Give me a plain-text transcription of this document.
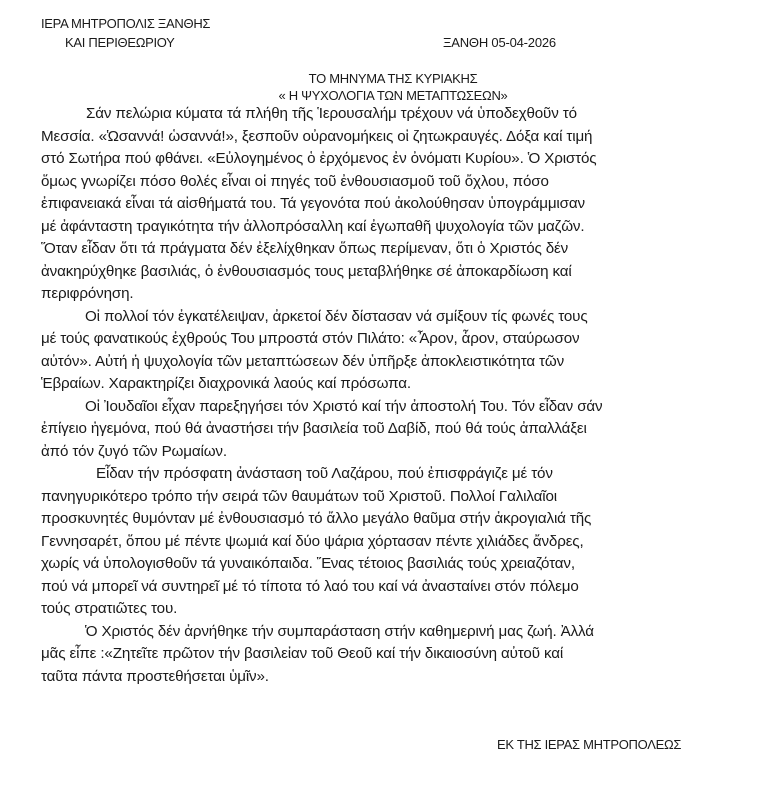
ΙΕΡΑ ΜΗΤΡΟΠΟΛΙΣ ΞΑΝΘΗΣ
ΚΑΙ ΠΕΡΙΘΕΩΡΙΟΥ	ΞΑΝΘΗ 05-04-2026
ΤΟ ΜΗΝΥΜΑ ΤΗΣ ΚΥΡΙΑΚΗΣ
« Η ΨΥΧΟΛΟΓΙΑ ΤΩΝ ΜΕΤΑΠΤΩΣΕΩΝ»
Σάν πελώρια κύματα τά πλήθη τῆς Ἱερουσαλήμ τρέχουν νά ὑποδεχθοῦν τό
Μεσσία. «Ὡσαννά! ὡσαννά!», ξεσποῦν οὐρανομήκεις οἱ ζητωκραυγές. Δόξα καί τιμή
στό Σωτήρα πού φθάνει. «Εὐλογημένος ὁ ἐρχόμενος ἐν ὀνόματι Κυρίου». Ὁ Χριστός
ὅμως γνωρίζει πόσο θολές εἶναι οἱ πηγές τοῦ ἐνθουσιασμοῦ τοῦ ὄχλου, πόσο
ἐπιφανειακά εἶναι τά αἰσθήματά του. Τά γεγονότα πού ἀκολούθησαν ὑπογράμμισαν
μέ ἀφάνταστη τραγικότητα τήν ἀλλοπρόσαλλη καί ἐγωπαθῆ ψυχολογία τῶν μαζῶν.
Ὅταν εἶδαν ὅτι τά πράγματα δέν ἐξελίχθηκαν ὅπως περίμεναν, ὅτι ὁ Χριστός δέν
ἀνακηρύχθηκε βασιλιάς, ὁ ἐνθουσιασμός τους μεταβλήθηκε σέ ἀποκαρδίωση καί
περιφρόνηση.
Οἱ πολλοί τόν ἐγκατέλειψαν, ἀρκετοί δέν δίστασαν νά σμίξουν τίς φωνές τους
μέ τούς φανατικούς ἐχθρούς Του μπροστά στόν Πιλάτο: «Ἆρον, ἆρον, σταύρωσον
αὐτόν». Αὐτή ἡ ψυχολογία τῶν μεταπτώσεων δέν ὑπῆρξε ἀποκλειστικότητα τῶν
Ἑβραίων. Χαρακτηρίζει διαχρονικά λαούς καί πρόσωπα.
Οἱ Ἰουδαῖοι εἶχαν παρεξηγήσει τόν Χριστό καί τήν ἀποστολή Του. Τόν εἶδαν σάν
ἐπίγειο ἡγεμόνα, πού θά ἀναστήσει τήν βασιλεία τοῦ Δαβίδ, πού θά τούς ἀπαλλάξει
ἀπό τόν ζυγό τῶν Ρωμαίων.
Εἶδαν τήν πρόσφατη ἀνάσταση τοῦ Λαζάρου, πού ἐπισφράγιζε μέ τόν
πανηγυρικότερο τρόπο τήν σειρά τῶν θαυμάτων τοῦ Χριστοῦ. Πολλοί Γαλιλαῖοι
προσκυνητές θυμόνταν μέ ἐνθουσιασμό τό ἄλλο μεγάλο θαῦμα στήν ἀκρογιαλιά τῆς
Γεννησαρέτ, ὅπου μέ πέντε ψωμιά καί δύο ψάρια χόρτασαν πέντε χιλιάδες ἄνδρες,
χωρίς νά ὑπολογισθοῦν τά γυναικόπαιδα. Ἕνας τέτοιος βασιλιάς τούς χρειαζόταν,
πού νά μπορεῖ νά συντηρεῖ μέ τό τίποτα τό λαό του καί νά ἀνασταίνει στόν πόλεμο
τούς στρατιῶτες του.
Ὁ Χριστός δέν ἀρνήθηκε τήν συμπαράσταση στήν καθημερινή μας ζωή. Ἀλλά
μᾶς εἶπε :«Ζητεῖτε πρῶτον τήν βασιλεἰαν τοῦ Θεοῦ καί τήν δικαιοσύνη αὐτοῦ καί
ταῦτα πάντα προστεθήσεται ὑμῖν».
ΕΚ ΤΗΣ ΙΕΡΑΣ ΜΗΤΡΟΠΟΛΕΩΣ
